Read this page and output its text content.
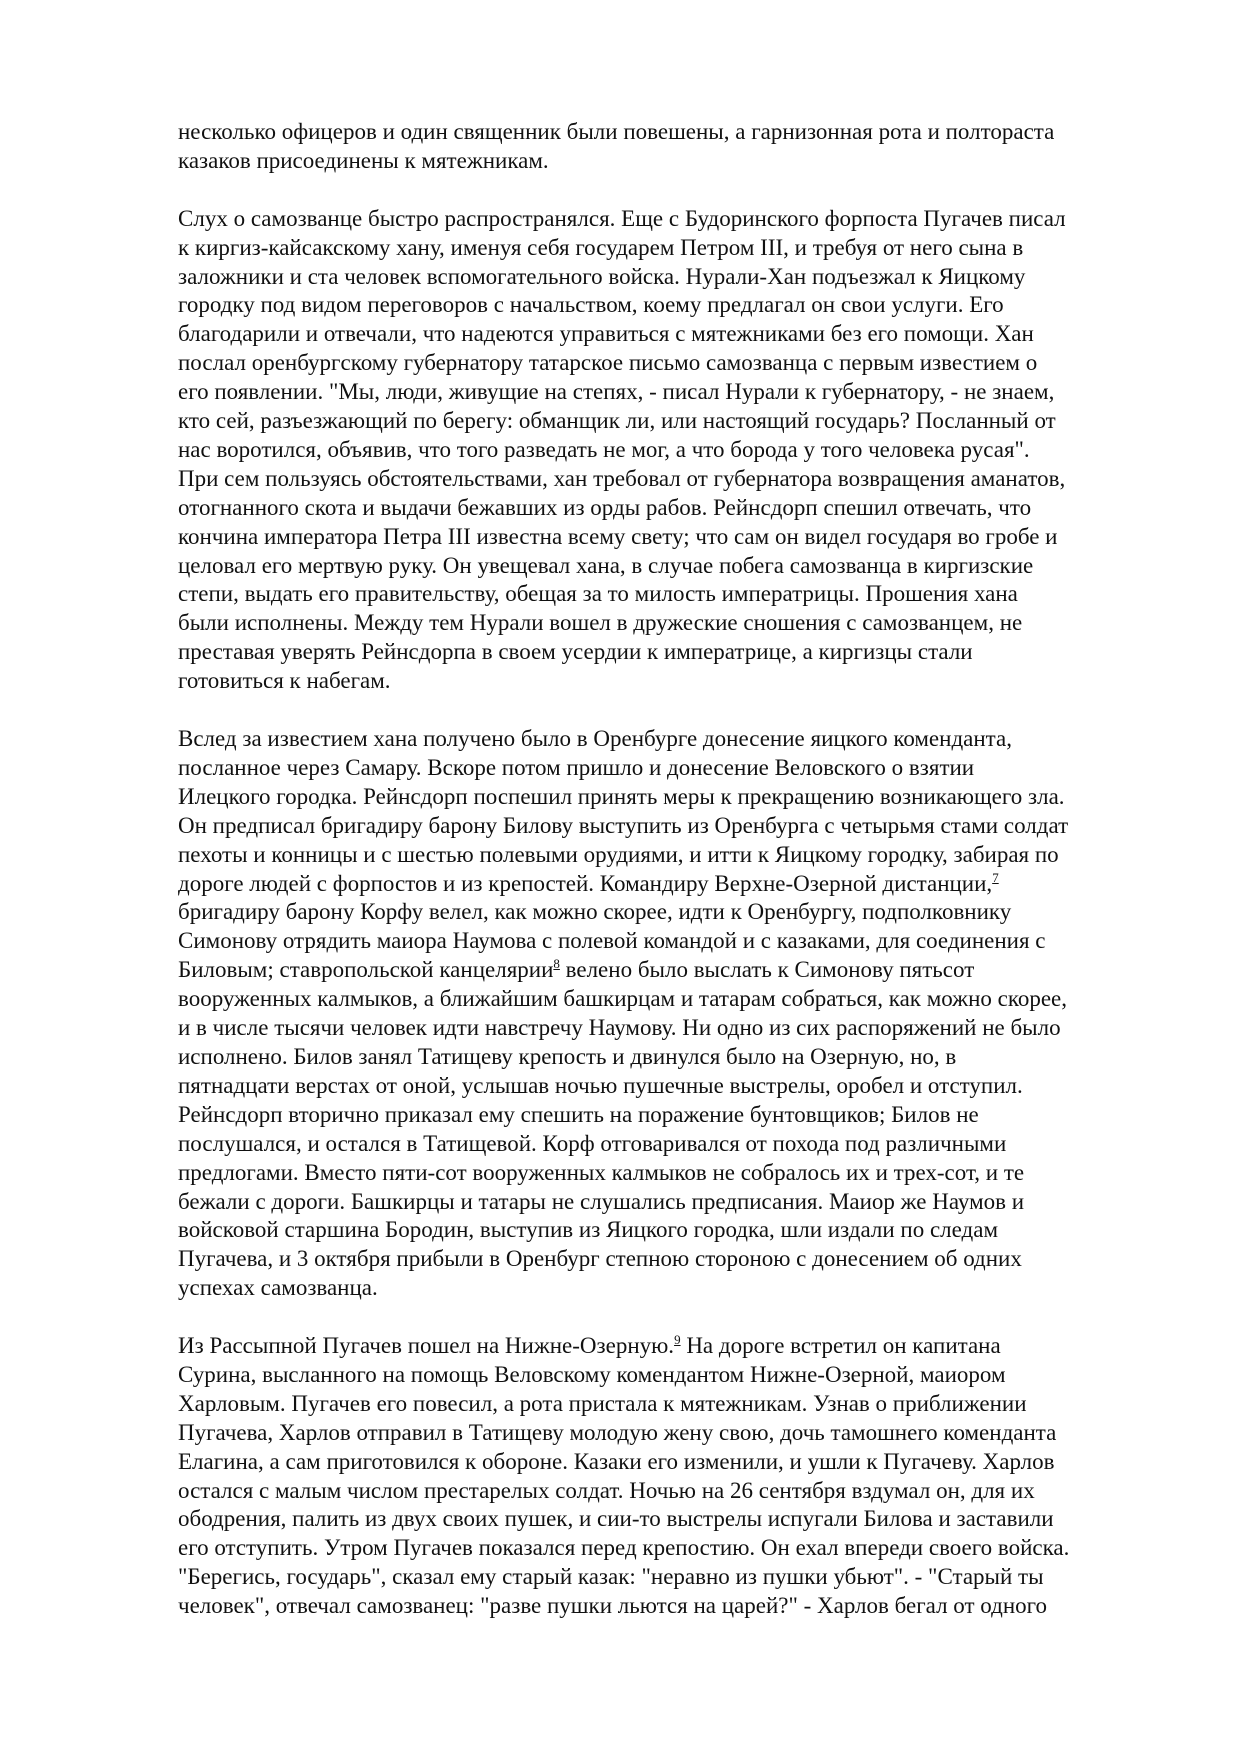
несколько офицеров и один священник были повешены, а гарнизонная рота и полтораста
казаков присоединены к мятежникам.

Слух о самозванце быстро распространялся. Еще с Будоринского форпоста Пугачев писал
к киргиз-кайсакскому хану, именуя себя государем Петром III, и требуя от него сына в
заложники и ста человек вспомогательного войска. Нурали-Хан подъезжал к Яицкому
городку под видом переговоров с начальством, коему предлагал он свои услуги. Его
благодарили и отвечали, что надеются управиться с мятежниками без его помощи. Хан
послал оренбургскому губернатору татарское письмо самозванца с первым известием о
его появлении. "Мы, люди, живущие на степях, - писал Нурали к губернатору, - не знаем,
кто сей, разъезжающий по берегу: обманщик ли, или настоящий государь? Посланный от
нас воротился, объявив, что того разведать не мог, а что борода у того человека русая".
При сем пользуясь обстоятельствами, хан требовал от губернатора возвращения аманатов,
отогнанного скота и выдачи бежавших из орды рабов. Рейнсдорп спешил отвечать, что
кончина императора Петра III известна всему свету; что сам он видел государя во гробе и
целовал его мертвую руку. Он увещевал хана, в случае побега самозванца в киргизские
степи, выдать его правительству, обещая за то милость императрицы. Прошения хана
были исполнены. Между тем Нурали вошел в дружеские сношения с самозванцем, не
преставая уверять Рейнсдорпа в своем усердии к императрице, а киргизцы стали
готовиться к набегам.

Вслед за известием хана получено было в Оренбурге донесение яицкого коменданта,
посланное через Самару. Вскоре потом пришло и донесение Веловского о взятии
Илецкого городка. Рейнсдорп поспешил принять меры к прекращению возникающего зла.
Он предписал бригадиру барону Билову выступить из Оренбурга с четырьмя стами солдат
пехоты и конницы и с шестью полевыми орудиями, и итти к Яицкому городку, забирая по
дороге людей с форпостов и из крепостей. Командиру Верхне-Озерной дистанции,$^7$
бригадиру барону Корфу велел, как можно скорее, идти к Оренбургу, подполковнику
Симонову отрядить маиора Наумова с полевой командой и с казаками, для соединения с
Биловым; ставропольской канцелярии$^8$ велено было выслать к Симонову пятьсот
вооруженных калмыков, а ближайшим башкирцам и татарам собраться, как можно скорее,
и в числе тысячи человек идти навстречу Наумову. Ни одно из сих распоряжений не было
исполнено. Билов занял Татищеву крепость и двинулся было на Озерную, но, в
пятнадцати верстах от оной, услышав ночью пушечные выстрелы, оробел и отступил.
Рейнсдорп вторично приказал ему спешить на поражение бунтовщиков; Билов не
послушался, и остался в Татищевой. Корф отговаривался от похода под различными
предлогами. Вместо пяти-сот вооруженных калмыков не собралось их и трех-сот, и те
бежали с дороги. Башкирцы и татары не слушались предписания. Маиор же Наумов и
войсковой старшина Бородин, выступив из Яицкого городка, шли издали по следам
Пугачева, и 3 октября прибыли в Оренбург степною стороною с донесением об одних
успехах самозванца.

Из Рассыпной Пугачев пошел на Нижне-Озерную.$^9$ На дороге встретил он капитана
Сурина, высланного на помощь Веловскому комендантом Нижне-Озерной, маиором
Харловым. Пугачев его повесил, а рота пристала к мятежникам. Узнав о приближении
Пугачева, Харлов отправил в Татищеву молодую жену свою, дочь тамошнего коменданта
Елагина, а сам приготовился к обороне. Казаки его изменили, и ушли к Пугачеву. Харлов
остался с малым числом престарелых солдат. Ночью на 26 сентября вздумал он, для их
ободрения, палить из двух своих пушек, и сии-то выстрелы испугали Билова и заставили
его отступить. Утром Пугачев показался перед крепостию. Он ехал впереди своего войска.
"Берегись, государь", сказал ему старый казак: "неравно из пушки убьют". - "Старый ты
человек", отвечал самозванец: "разве пушки льются на царей?" - Харлов бегал от одного
